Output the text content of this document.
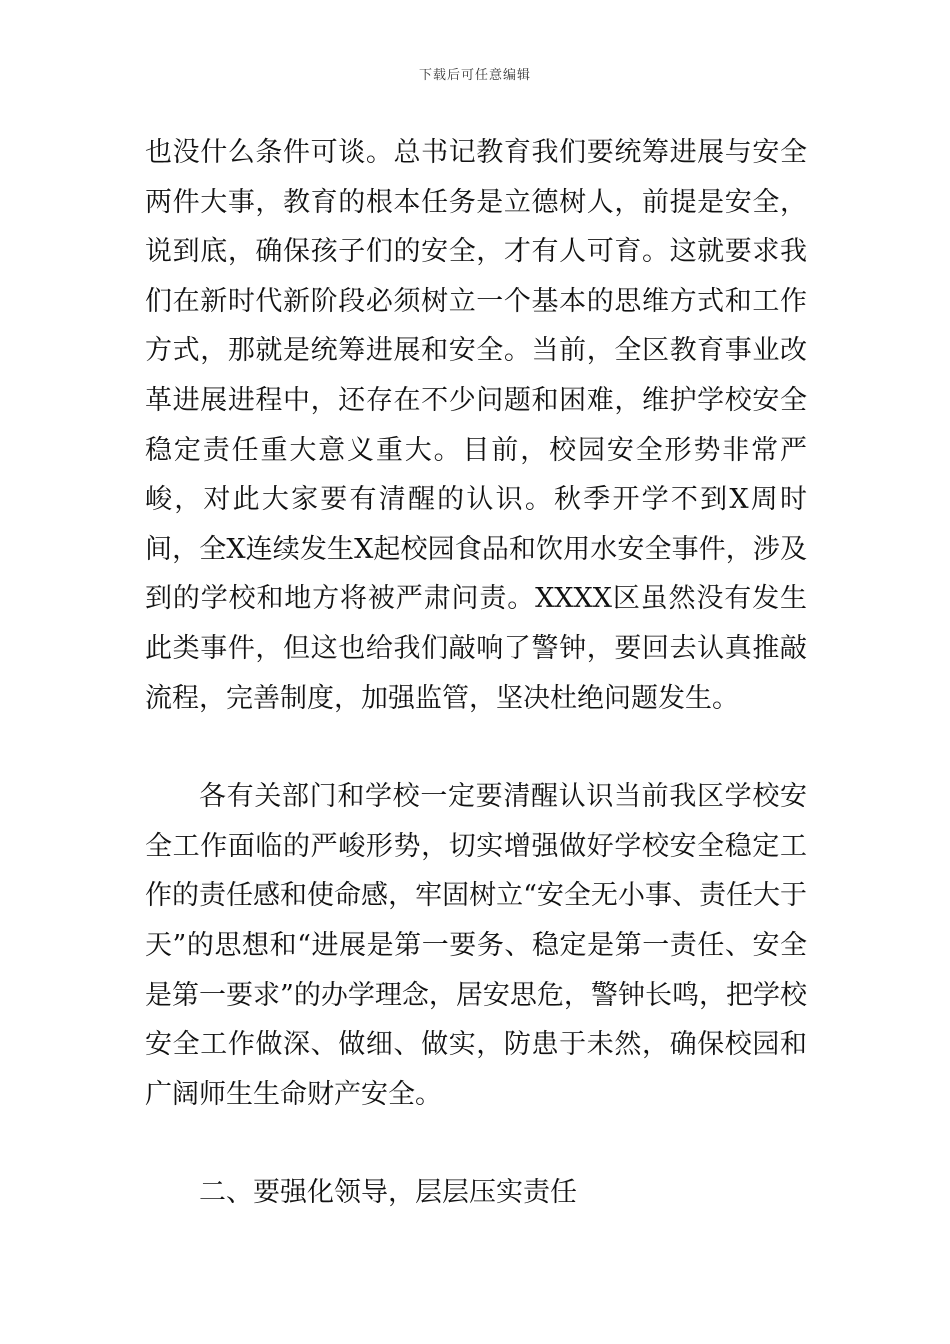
下载后可任意编辑

也没什么条件可谈。总书记教育我们要统筹进展与安全两件大事，教育的根本任务是立德树人，前提是安全，说到底，确保孩子们的安全，才有人可育。这就要求我们在新时代新阶段必须树立一个基本的思维方式和工作方式，那就是统筹进展和安全。当前，全区教育事业改革进展进程中，还存在不少问题和困难，维护学校安全稳定责任重大意义重大。目前，校园安全形势非常严峻，对此大家要有清醒的认识。秋季开学不到X周时间，全X连续发生X起校园食品和饮用水安全事件，涉及到的学校和地方将被严肃问责。XXXX区虽然没有发生此类事件，但这也给我们敲响了警钟，要回去认真推敲流程，完善制度，加强监管，坚决杜绝问题发生。

各有关部门和学校一定要清醒认识当前我区学校安全工作面临的严峻形势，切实增强做好学校安全稳定工作的责任感和使命感，牢固树立“安全无小事、责任大于天”的思想和“进展是第一要务、稳定是第一责任、安全是第一要求”的办学理念，居安思危，警钟长鸣，把学校安全工作做深、做细、做实，防患于未然，确保校园和广阔师生生命财产安全。

二、要强化领导，层层压实责任
